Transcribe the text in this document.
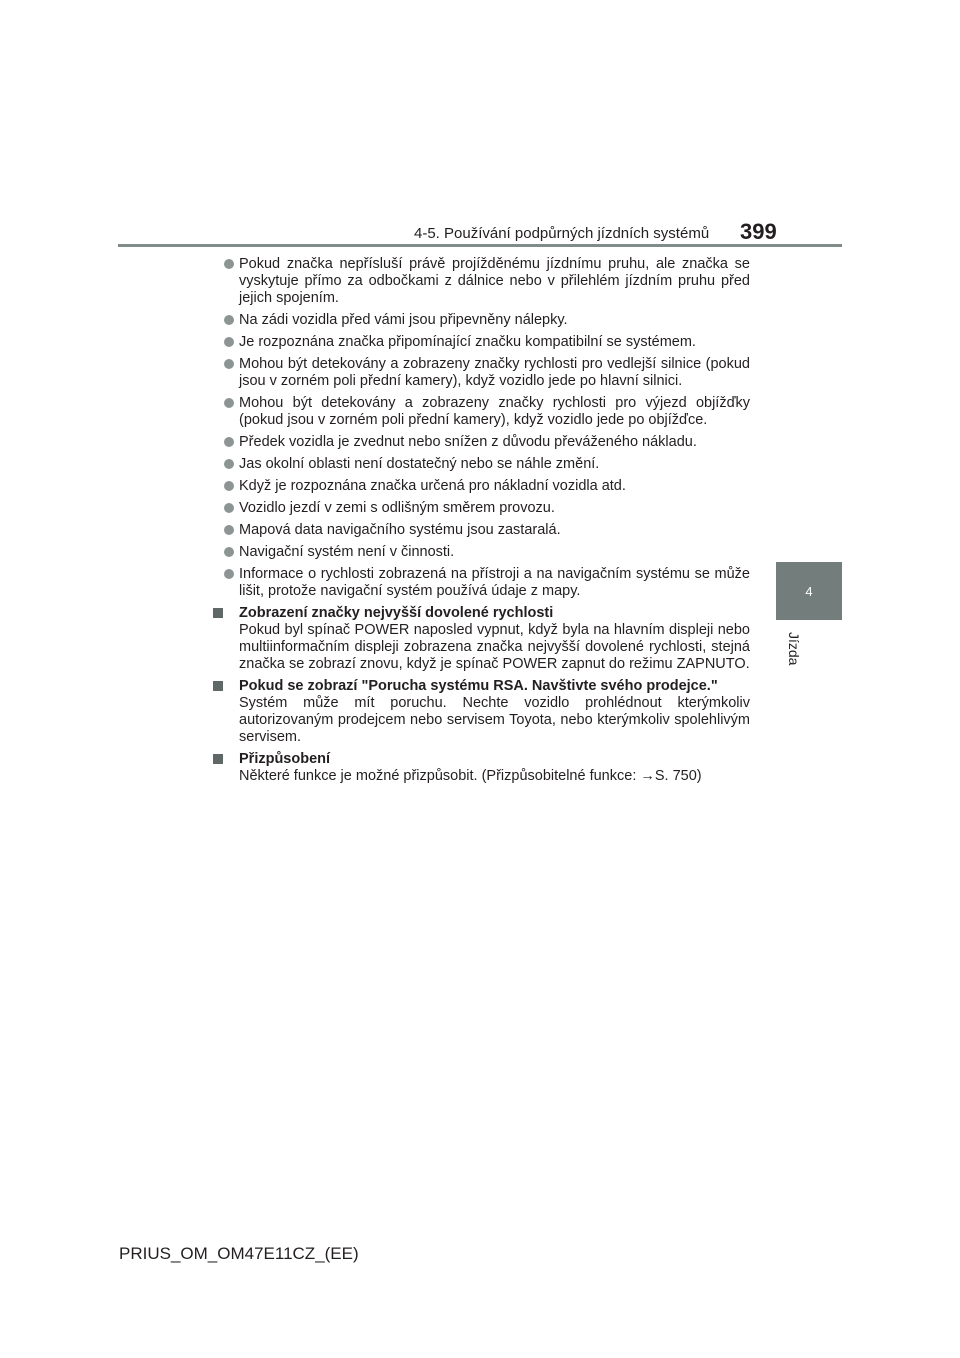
4-5. Používání podpůrných jízdních systémů 399
4
Jízda
Pokud značka nepřísluší právě projížděnému jízdnímu pruhu, ale značka se vyskytuje přímo za odbočkami z dálnice nebo v přilehlém jízdním pruhu před jejich spojením.
Na zádi vozidla před vámi jsou připevněny nálepky.
Je rozpoznána značka připomínající značku kompatibilní se systémem.
Mohou být detekovány a zobrazeny značky rychlosti pro vedlejší silnice (pokud jsou v zorném poli přední kamery), když vozidlo jede po hlavní silnici.
Mohou být detekovány a zobrazeny značky rychlosti pro výjezd objížďky (pokud jsou v zorném poli přední kamery), když vozidlo jede po objížďce.
Předek vozidla je zvednut nebo snížen z důvodu převáženého nákladu.
Jas okolní oblasti není dostatečný nebo se náhle změní.
Když je rozpoznána značka určená pro nákladní vozidla atd.
Vozidlo jezdí v zemi s odlišným směrem provozu.
Mapová data navigačního systému jsou zastaralá.
Navigační systém není v činnosti.
Informace o rychlosti zobrazená na přístroji a na navigačním systému se může lišit, protože navigační systém používá údaje z mapy.
Zobrazení značky nejvyšší dovolené rychlosti
Pokud byl spínač POWER naposled vypnut, když byla na hlavním displeji nebo multiinformačním displeji zobrazena značka nejvyšší dovolené rychlosti, stejná značka se zobrazí znovu, když je spínač POWER zapnut do režimu ZAPNUTO.
Pokud se zobrazí "Porucha systému RSA. Navštivte svého prodejce."
Systém může mít poruchu. Nechte vozidlo prohlédnout kterýmkoliv autorizovaným prodejcem nebo servisem Toyota, nebo kterýmkoliv spolehlivým servisem.
Přizpůsobení
Některé funkce je možné přizpůsobit. (Přizpůsobitelné funkce: →S. 750)
PRIUS_OM_OM47E11CZ_(EE)
